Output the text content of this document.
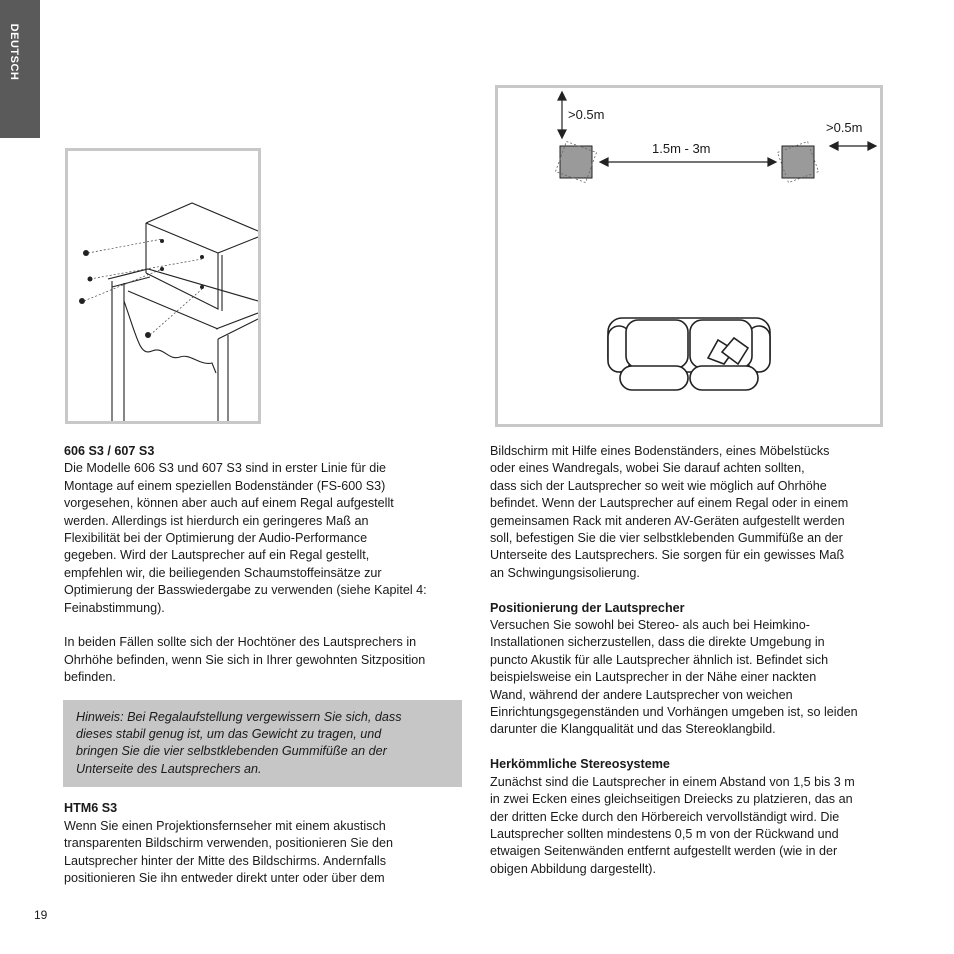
DEUTSCH
>0.5m
>0.5m
1.5m - 3m

606 S3 / 607 S3

Die Modelle 606 S3 und 607 S3 sind in erster Linie für die

Montage auf einem speziellen Bodenständer (FS-600 S3)

vorgesehen, können aber auch auf einem Regal aufgestellt

werden. Allerdings ist hierdurch ein geringeres Maß an

Flexibilität bei der Optimierung der Audio-Performance

gegeben. Wird der Lautsprecher auf ein Regal gestellt,

empfehlen wir, die beiliegenden Schaumstoffeinsätze zur

Optimierung der Basswiedergabe zu verwenden (siehe Kapitel 4:

Feinabstimmung).

In beiden Fällen sollte sich der Hochtöner des Lautsprechers in

Ohrhöhe befinden, wenn Sie sich in Ihrer gewohnten Sitzposition

befinden.

Hinweis: Bei Regalaufstellung vergewissern Sie sich, dass

dieses stabil genug ist, um das Gewicht zu tragen, und

bringen Sie die vier selbstklebenden Gummifüße an der

Unterseite des Lautsprechers an.

HTM6 S3

Wenn Sie einen Projektionsfernseher mit einem akustisch

transparenten Bildschirm verwenden, positionieren Sie den

Lautsprecher hinter der Mitte des Bildschirms. Andernfalls

positionieren Sie ihn entweder direkt unter oder über dem

Bildschirm mit Hilfe eines Bodenständers, eines Möbelstücks

oder eines Wandregals, wobei Sie darauf achten sollten,

dass sich der Lautsprecher so weit wie möglich auf Ohrhöhe

befindet. Wenn der Lautsprecher auf einem Regal oder in einem

gemeinsamen Rack mit anderen AV-Geräten aufgestellt werden

soll, befestigen Sie die vier selbstklebenden Gummifüße an der

Unterseite des Lautsprechers. Sie sorgen für ein gewisses Maß

an Schwingungsisolierung.

Positionierung der Lautsprecher

Versuchen Sie sowohl bei Stereo- als auch bei Heimkino-

Installationen sicherzustellen, dass die direkte Umgebung in

puncto Akustik für alle Lautsprecher ähnlich ist. Befindet sich

beispielsweise ein Lautsprecher in der Nähe einer nackten

Wand, während der andere Lautsprecher von weichen

Einrichtungsgegenständen und Vorhängen umgeben ist, so leiden

darunter die Klangqualität und das Stereoklangbild.

Herkömmliche Stereosysteme

Zunächst sind die Lautsprecher in einem Abstand von 1,5 bis 3 m

in zwei Ecken eines gleichseitigen Dreiecks zu platzieren, das an

der dritten Ecke durch den Hörbereich vervollständigt wird. Die

Lautsprecher sollten mindestens 0,5 m von der Rückwand und

etwaigen Seitenwänden entfernt aufgestellt werden (wie in der

obigen Abbildung dargestellt).

19
